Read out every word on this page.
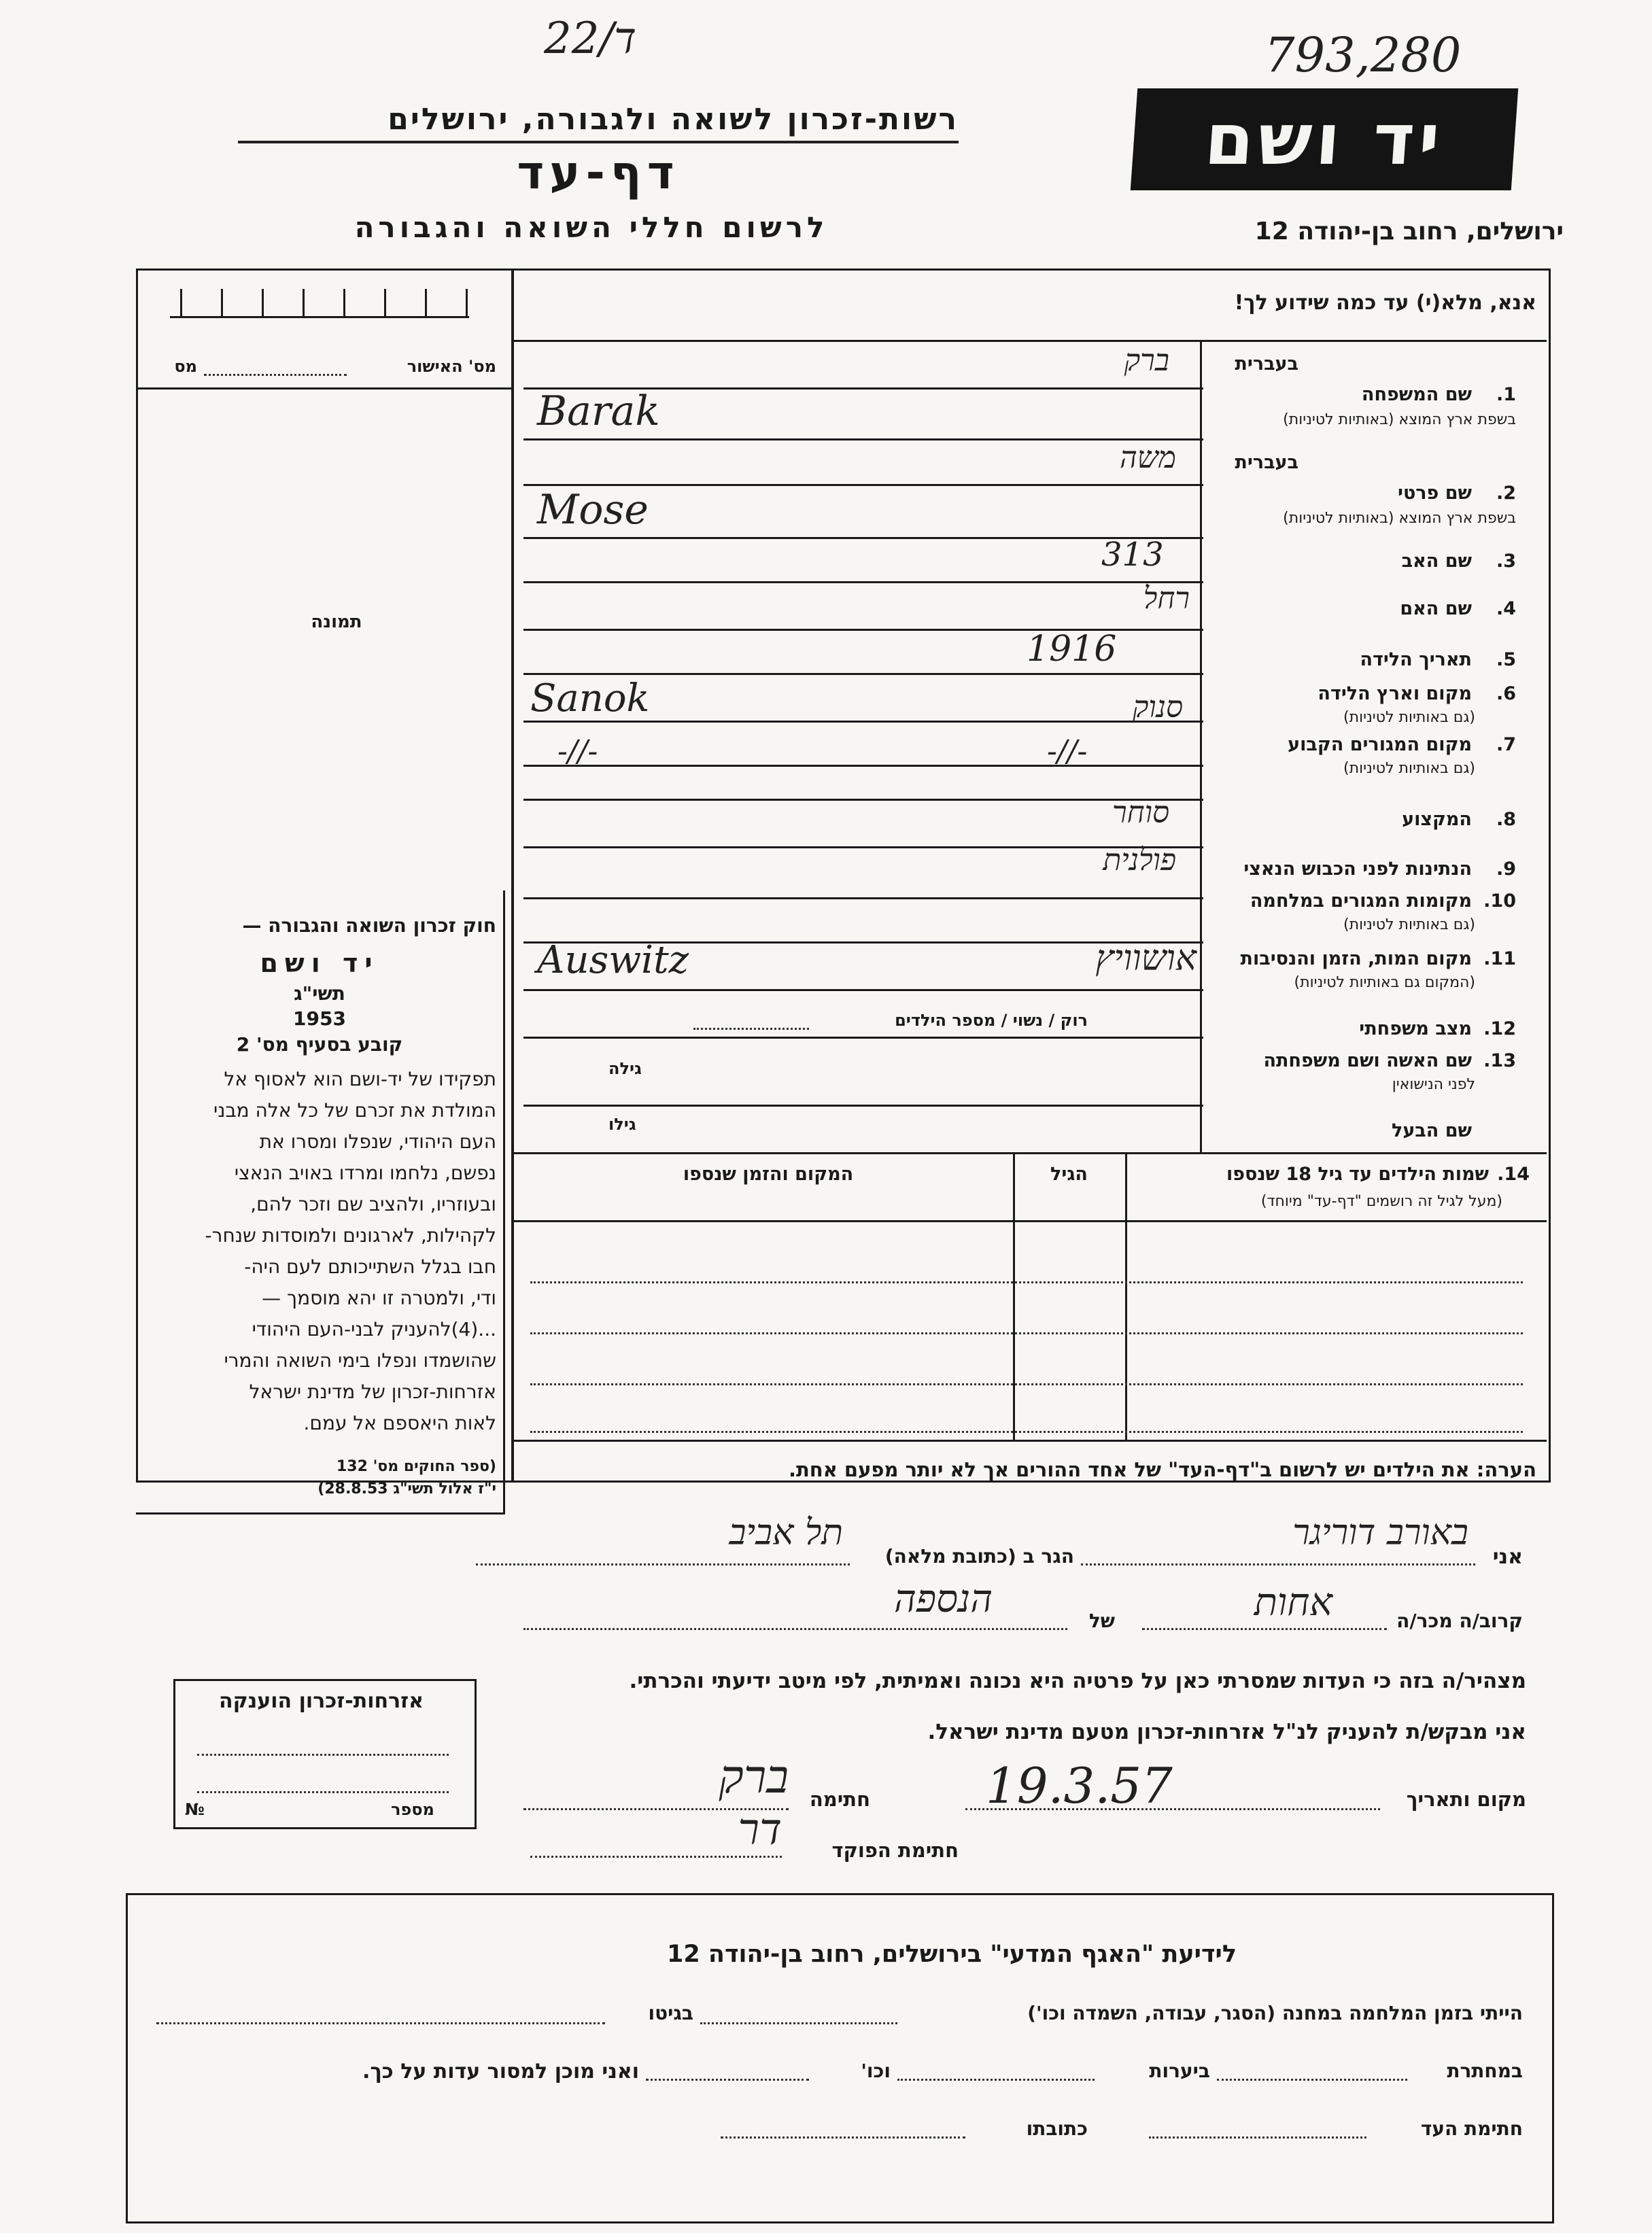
22/ד	793,280
רשות-זכרון לשואה ולגבורה, ירושלים
דף-עד
לרשום חללי השואה והגבורה
יד ושם
ירושלים, רחוב בן-יהודה 12
מס' האישור
מס
תמונה
חוק זכרון השואה והגבורה —
יד ושם
תשי"ג
1953
קובע בסעיף מס' 2
תפקידו של יד-ושם הוא לאסוף אל
המולדת את זכרם של כל אלה מבני
העם היהודי, שנפלו ומסרו את
נפשם, נלחמו ומרדו באויב הנאצי
ובעוזריו, ולהציב שם וזכר להם,
לקהילות, לארגונים ולמוסדות שנחר-
חבו בגלל השתייכותם לעם היה-
ודי, ולמטרה זו יהא מוסמך —
...(4)להעניק לבני-העם היהודי
שהושמדו ונפלו בימי השואה והמרי
אזרחות-זכרון של מדינת ישראל
לאות היאספם אל עמם.
(ספר החוקים מס' 132
י"ז אלול תשי"ג 28.8.53)
אזרחות-זכרון הוענקה
מספר
№
אנא, מלא(י) עד כמה שידוע לך!
בעברית
1.
שם המשפחה
בשפת ארץ המוצא (באותיות לטיניות)
בעברית
2.
שם פרטי
בשפת ארץ המוצא (באותיות לטיניות)
3.
שם האב
4.
שם האם
5.
תאריך הלידה
6.
מקום וארץ הלידה
(גם באותיות לטיניות)
7.
מקום המגורים הקבוע
(גם באותיות לטיניות)
8.
המקצוע
9.
הנתינות לפני הכבוש הנאצי
10.
מקומות המגורים במלחמה
(גם באותיות לטיניות)
11.
מקום המות, הזמן והנסיבות
(המקום גם באותיות לטיניות)
12.
מצב משפחתי
13.
שם האשה ושם משפחתה
לפני הנישואין
שם הבעל
ברק
Barak
משה
Mose
313
רחל
1916
סנוק
Sanok
-//-
-//-
סוחר
פולנית
אושוויץ
Auswitz
רוק / נשוי / מספר הילדים
גילה
גילו
14.
שמות הילדים עד גיל 18 שנספו
(מעל לגיל זה רושמים "דף-עד" מיוחד)
הגיל
המקום והזמן שנספו
הערה: את הילדים יש לרשום ב"דף-העד" של אחד ההורים אך לא יותר מפעם אחת.
אני
באורב דוריגר
הגר ב (כתובת מלאה)
תל אביב
קרוב/ה מכר/ה
אחות
של
הנספה
מצהיר/ה בזה כי העדות שמסרתי כאן על פרטיה היא נכונה ואמיתית, לפי מיטב ידיעתי והכרתי.
אני מבקש/ת להעניק לנ"ל אזרחות-זכרון מטעם מדינת ישראל.
מקום ותאריך
19.3.57
חתימה
ברק
חתימת הפוקד
דר
לידיעת "האגף המדעי" בירושלים, רחוב בן-יהודה 12
הייתי בזמן המלחמה במחנה (הסגר, עבודה, השמדה וכו')
בגיטו
במחתרת
ביערות
וכו'
ואני מוכן למסור עדות על כך.
חתימת העד
כתובתו
